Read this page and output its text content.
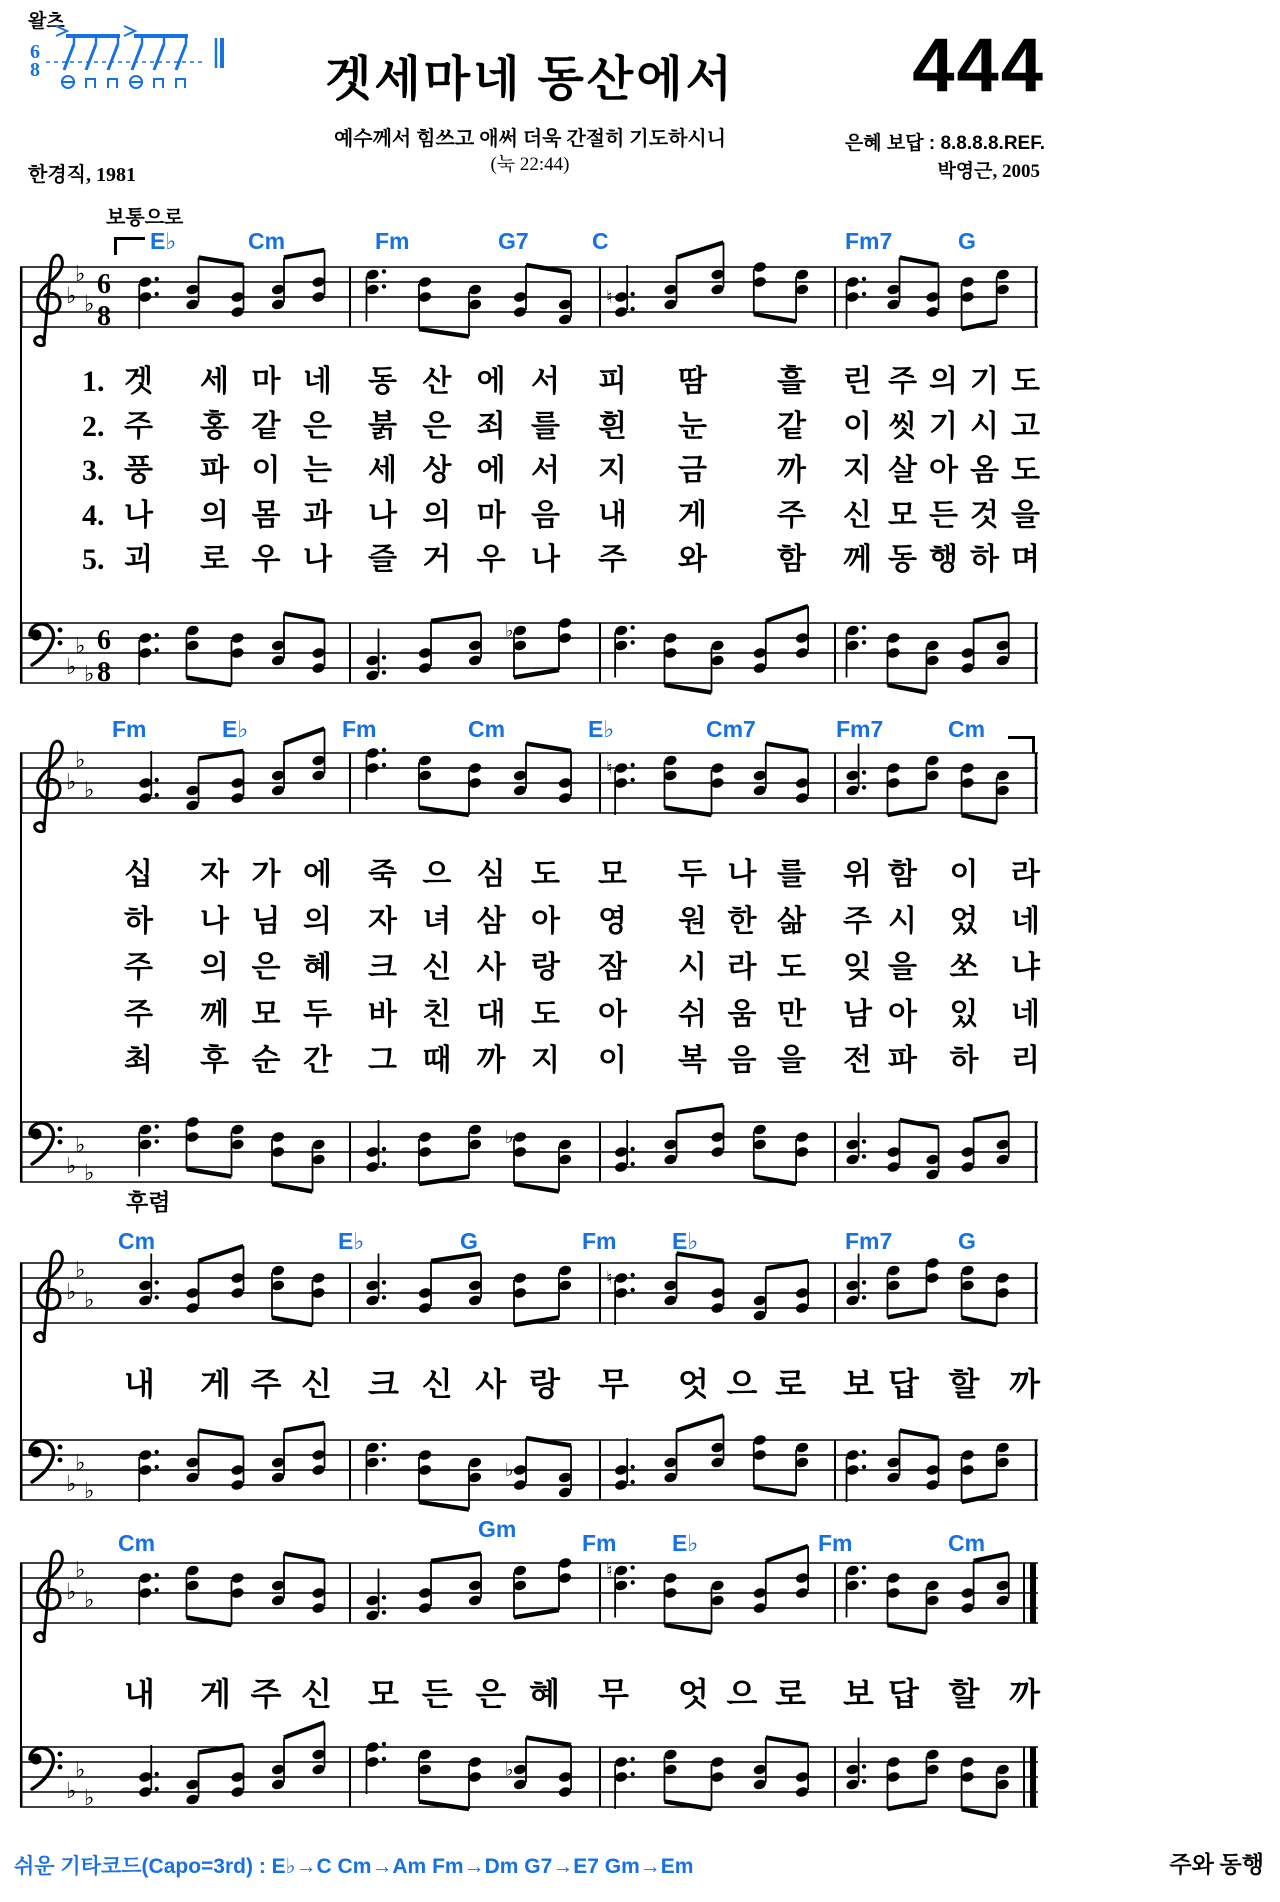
왈츠
6
8	겟세마네 동산에서	444
예수께서 힘쓰고 애써 더욱 간절히 기도하시니
(눅 22:44)
한경직, 1981
은혜 보답 : 8.8.8.8.REF.
박영근, 2005
보통으로
후렴
♭
♭
♭
6
8
♮
♭
♭
♭
6
8
♭
♭
♭
♭
♮
♭
♭
♭
♭
♭
♭
♭
♮
♭
♭
♭
♭
♭
♭
♭
♮
♭
♭
♭
♭
E♭	Cm	Fm	G7	C	Fm7	G
Fm	E♭	Fm	Cm	E♭	Cm7	Fm7	Cm
Cm	E♭	G	Fm E♭	Fm7	G
Cm
Gm
Fm E♭	Fm	Cm
1. 겟 세 마 네 동 산 에 서 피 땀 흘 린 주 의 기 도
2. 주 홍 같 은 붉 은 죄 를 흰 눈 같 이 씻 기 시 고
3. 풍 파 이 는 세 상 에 서 지 금 까 지 살 아 옴 도
4. 나 의 몸 과 나 의 마 음 내 게 주 신 모 든 것 을
5. 괴 로 우 나 즐 거 우 나 주 와 함 께 동 행 하 며
십 자 가 에 죽 으 심 도 모 두 나 를 위 함 이 라
하 나 님 의 자 녀 삼 아 영 원 한 삶 주 시 었 네
주 의 은 혜 크 신 사 랑 잠 시 라 도 잊 을 쏘 냐
주 께 모 두 바 친 대 도 아 쉬 움 만 남 아 있 네
최 후 순 간 그 때 까 지 이 복 음 을 전 파 하 리
내 게 주 신 크 신 사 랑 무 엇 으 로 보 답 할 까
내 게 주 신 모 든 은 혜 무 엇 으 로 보 답 할 까
쉬운 기타코드(Capo=3rd) : E♭→C Cm→Am Fm→Dm G7→E7 Gm→Em	주와 동행
